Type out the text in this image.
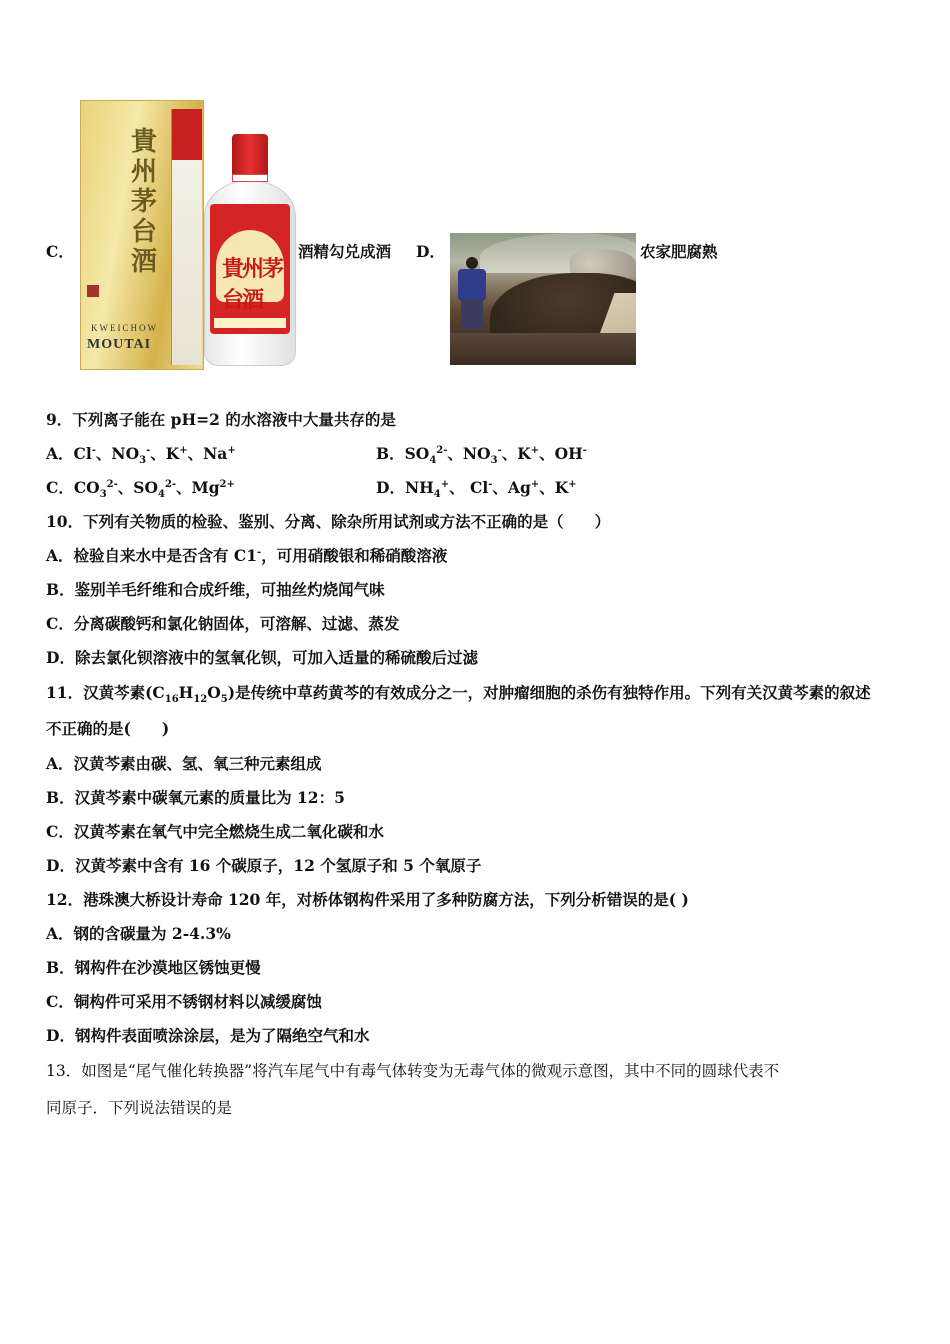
C．
貴州茅台酒
KWEICHOW
MOUTAI
貴州茅台酒
酒精勾兑成酒 D．	农家肥腐熟
9．下列离子能在 pH=2 的水溶液中大量共存的是
A．Cl-、$NO_3^-$、K+、Na+	B．$SO_4^{2-}$、$NO_3^-$、K+、OH-
C．$CO_3^{2-}$、$SO_4^{2-}$、$Mg^{2+}$	D．$NH_4^+$、 Cl-、Ag+、K+
10．下列有关物质的检验、鉴别、分离、除杂所用试剂或方法不正确的是（　　）
A．检验自来水中是否含有 C1-，可用硝酸银和稀硝酸溶液
B．鉴别羊毛纤维和合成纤维，可抽丝灼烧闻气味
C．分离碳酸钙和氯化钠固体，可溶解、过滤、蒸发
D．除去氯化钡溶液中的氢氧化钡，可加入适量的稀硫酸后过滤
11．汉黄芩素$(C_{16}H_{12}O_5)$是传统中草药黄芩的有效成分之一，对肿瘤细胞的杀伤有独特作用。下列有关汉黄芩素的叙述
不正确的是(　　)
A．汉黄芩素由碳、氢、氧三种元素组成
B．汉黄芩素中碳氧元素的质量比为 12：5
C．汉黄芩素在氧气中完全燃烧生成二氧化碳和水
D．汉黄芩素中含有 16 个碳原子，12 个氢原子和 5 个氧原子
12．港珠澳大桥设计寿命 120 年，对桥体钢构件采用了多种防腐方法，下列分析错误的是( )
A．钢的含碳量为 2-4.3%
B．钢构件在沙漠地区锈蚀更慢
C．铜构件可采用不锈钢材料以减缓腐蚀
D．钢构件表面喷涂涂层，是为了隔绝空气和水
13．如图是“尾气催化转换器”将汽车尾气中有毒气体转变为无毒气体的微观示意图，其中不同的圆球代表不
同原子．下列说法错误的是
